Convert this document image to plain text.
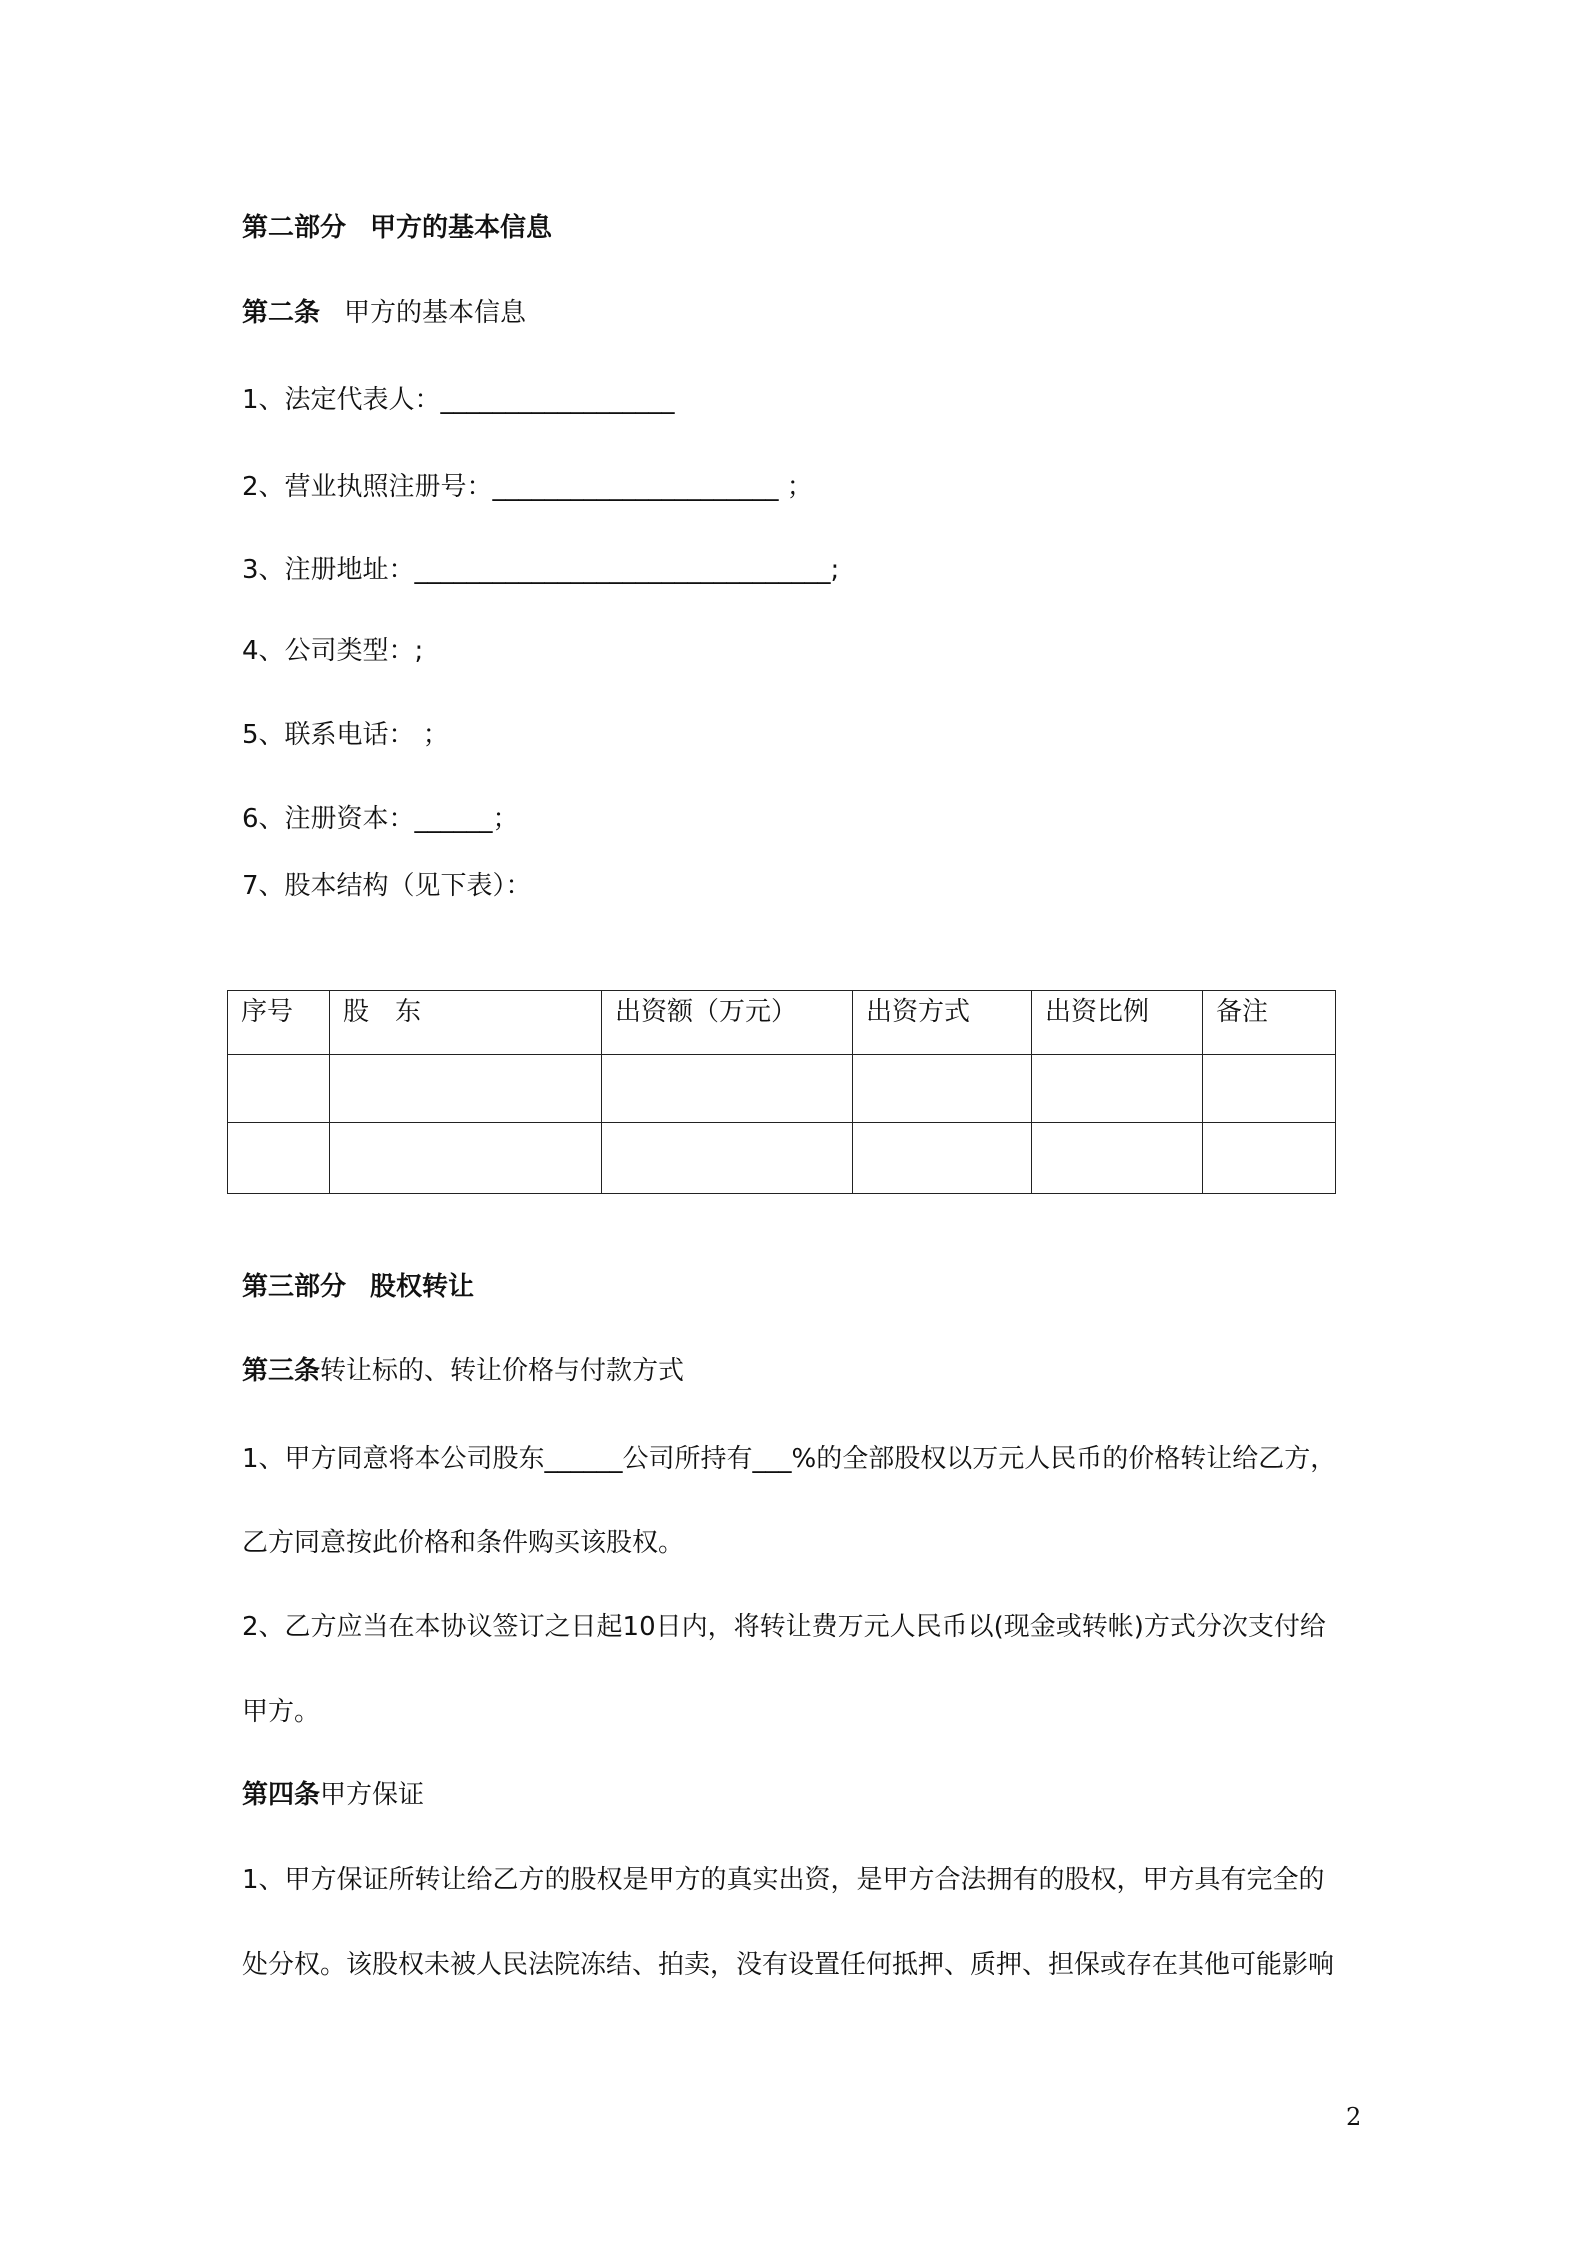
第二部分 甲方的基本信息

第二条 甲方的基本信息

1、法定代表人：__________________

2、营业执照注册号：______________________ ；

3、注册地址：________________________________;

4、公司类型：;

5、联系电话： ；

6、注册资本：______；

7、股本结构（见下表）：

序号	股　东	出资额（万元）	出资方式	出资比例	备注

第三部分 股权转让

第三条转让标的、转让价格与付款方式

1、甲方同意将本公司股东______公司所持有___%的全部股权以万元人民币的价格转让给乙方，

乙方同意按此价格和条件购买该股权。

2、乙方应当在本协议签订之日起10日内，将转让费万元人民币以(现金或转帐)方式分次支付给

甲方。

第四条甲方保证

1、甲方保证所转让给乙方的股权是甲方的真实出资，是甲方合法拥有的股权，甲方具有完全的

处分权。该股权未被人民法院冻结、拍卖，没有设置任何抵押、质押、担保或存在其他可能影响

2
